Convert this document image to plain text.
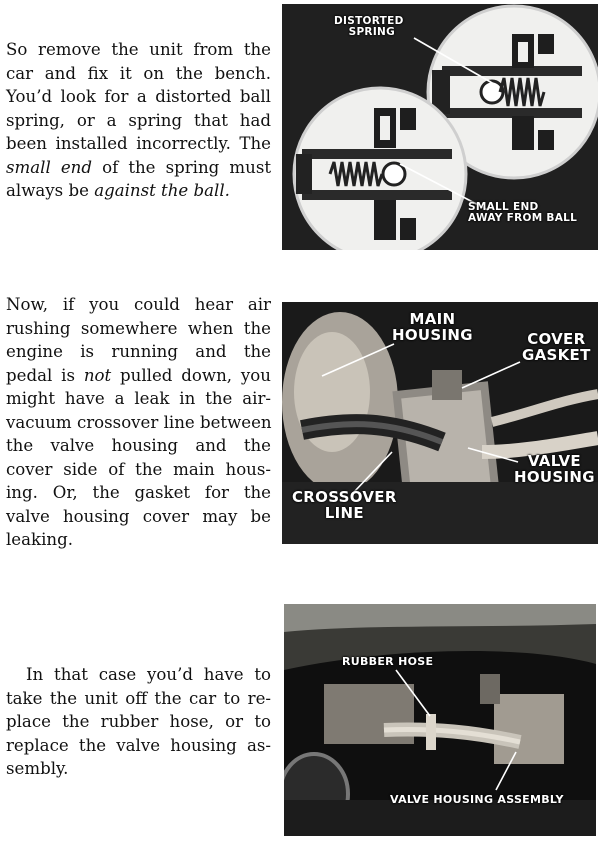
So remove the unit from the
car and fix it on the bench.
You’d look for a distorted ball
spring, or a spring that had
been installed incorrectly. The
small end of the spring must
always be against the ball.
DISTORTED
SPRING
SMALL END
AWAY FROM BALL
Now, if you could hear air
rushing somewhere when the
engine is running and the
pedal is not pulled down, you
might have a leak in the air-
vacuum crossover line between
the valve housing and the
cover side of the main hous-
ing. Or, the gasket for the
valve housing cover may be
leaking.
MAIN
HOUSING	COVER
GASKET
VALVE
HOUSING
CROSSOVER
LINE
In that case you’d have to
take the unit off the car to re-
place the rubber hose, or to
replace the valve housing as-
sembly.
RUBBER HOSE
VALVE HOUSING ASSEMBLY
